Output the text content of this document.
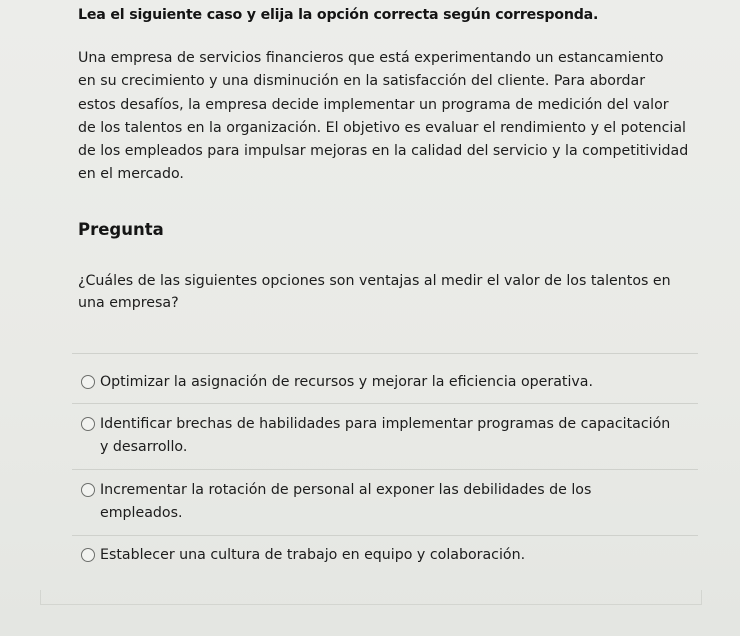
Lea el siguiente caso y elija la opción correcta según corresponda.
Una empresa de servicios financieros que está experimentando un estancamiento
en su crecimiento y una disminución en la satisfacción del cliente. Para abordar
estos desafíos, la empresa decide implementar un programa de medición del valor
de los talentos en la organización. El objetivo es evaluar el rendimiento y el potencial
de los empleados para impulsar mejoras en la calidad del servicio y la competitividad
en el mercado.
Pregunta
¿Cuáles de las siguientes opciones son ventajas al medir el valor de los talentos en
una empresa?
Optimizar la asignación de recursos y mejorar la eficiencia operativa.
Identificar brechas de habilidades para implementar programas de capacitación
y desarrollo.
Incrementar la rotación de personal al exponer las debilidades de los
empleados.
Establecer una cultura de trabajo en equipo y colaboración.
